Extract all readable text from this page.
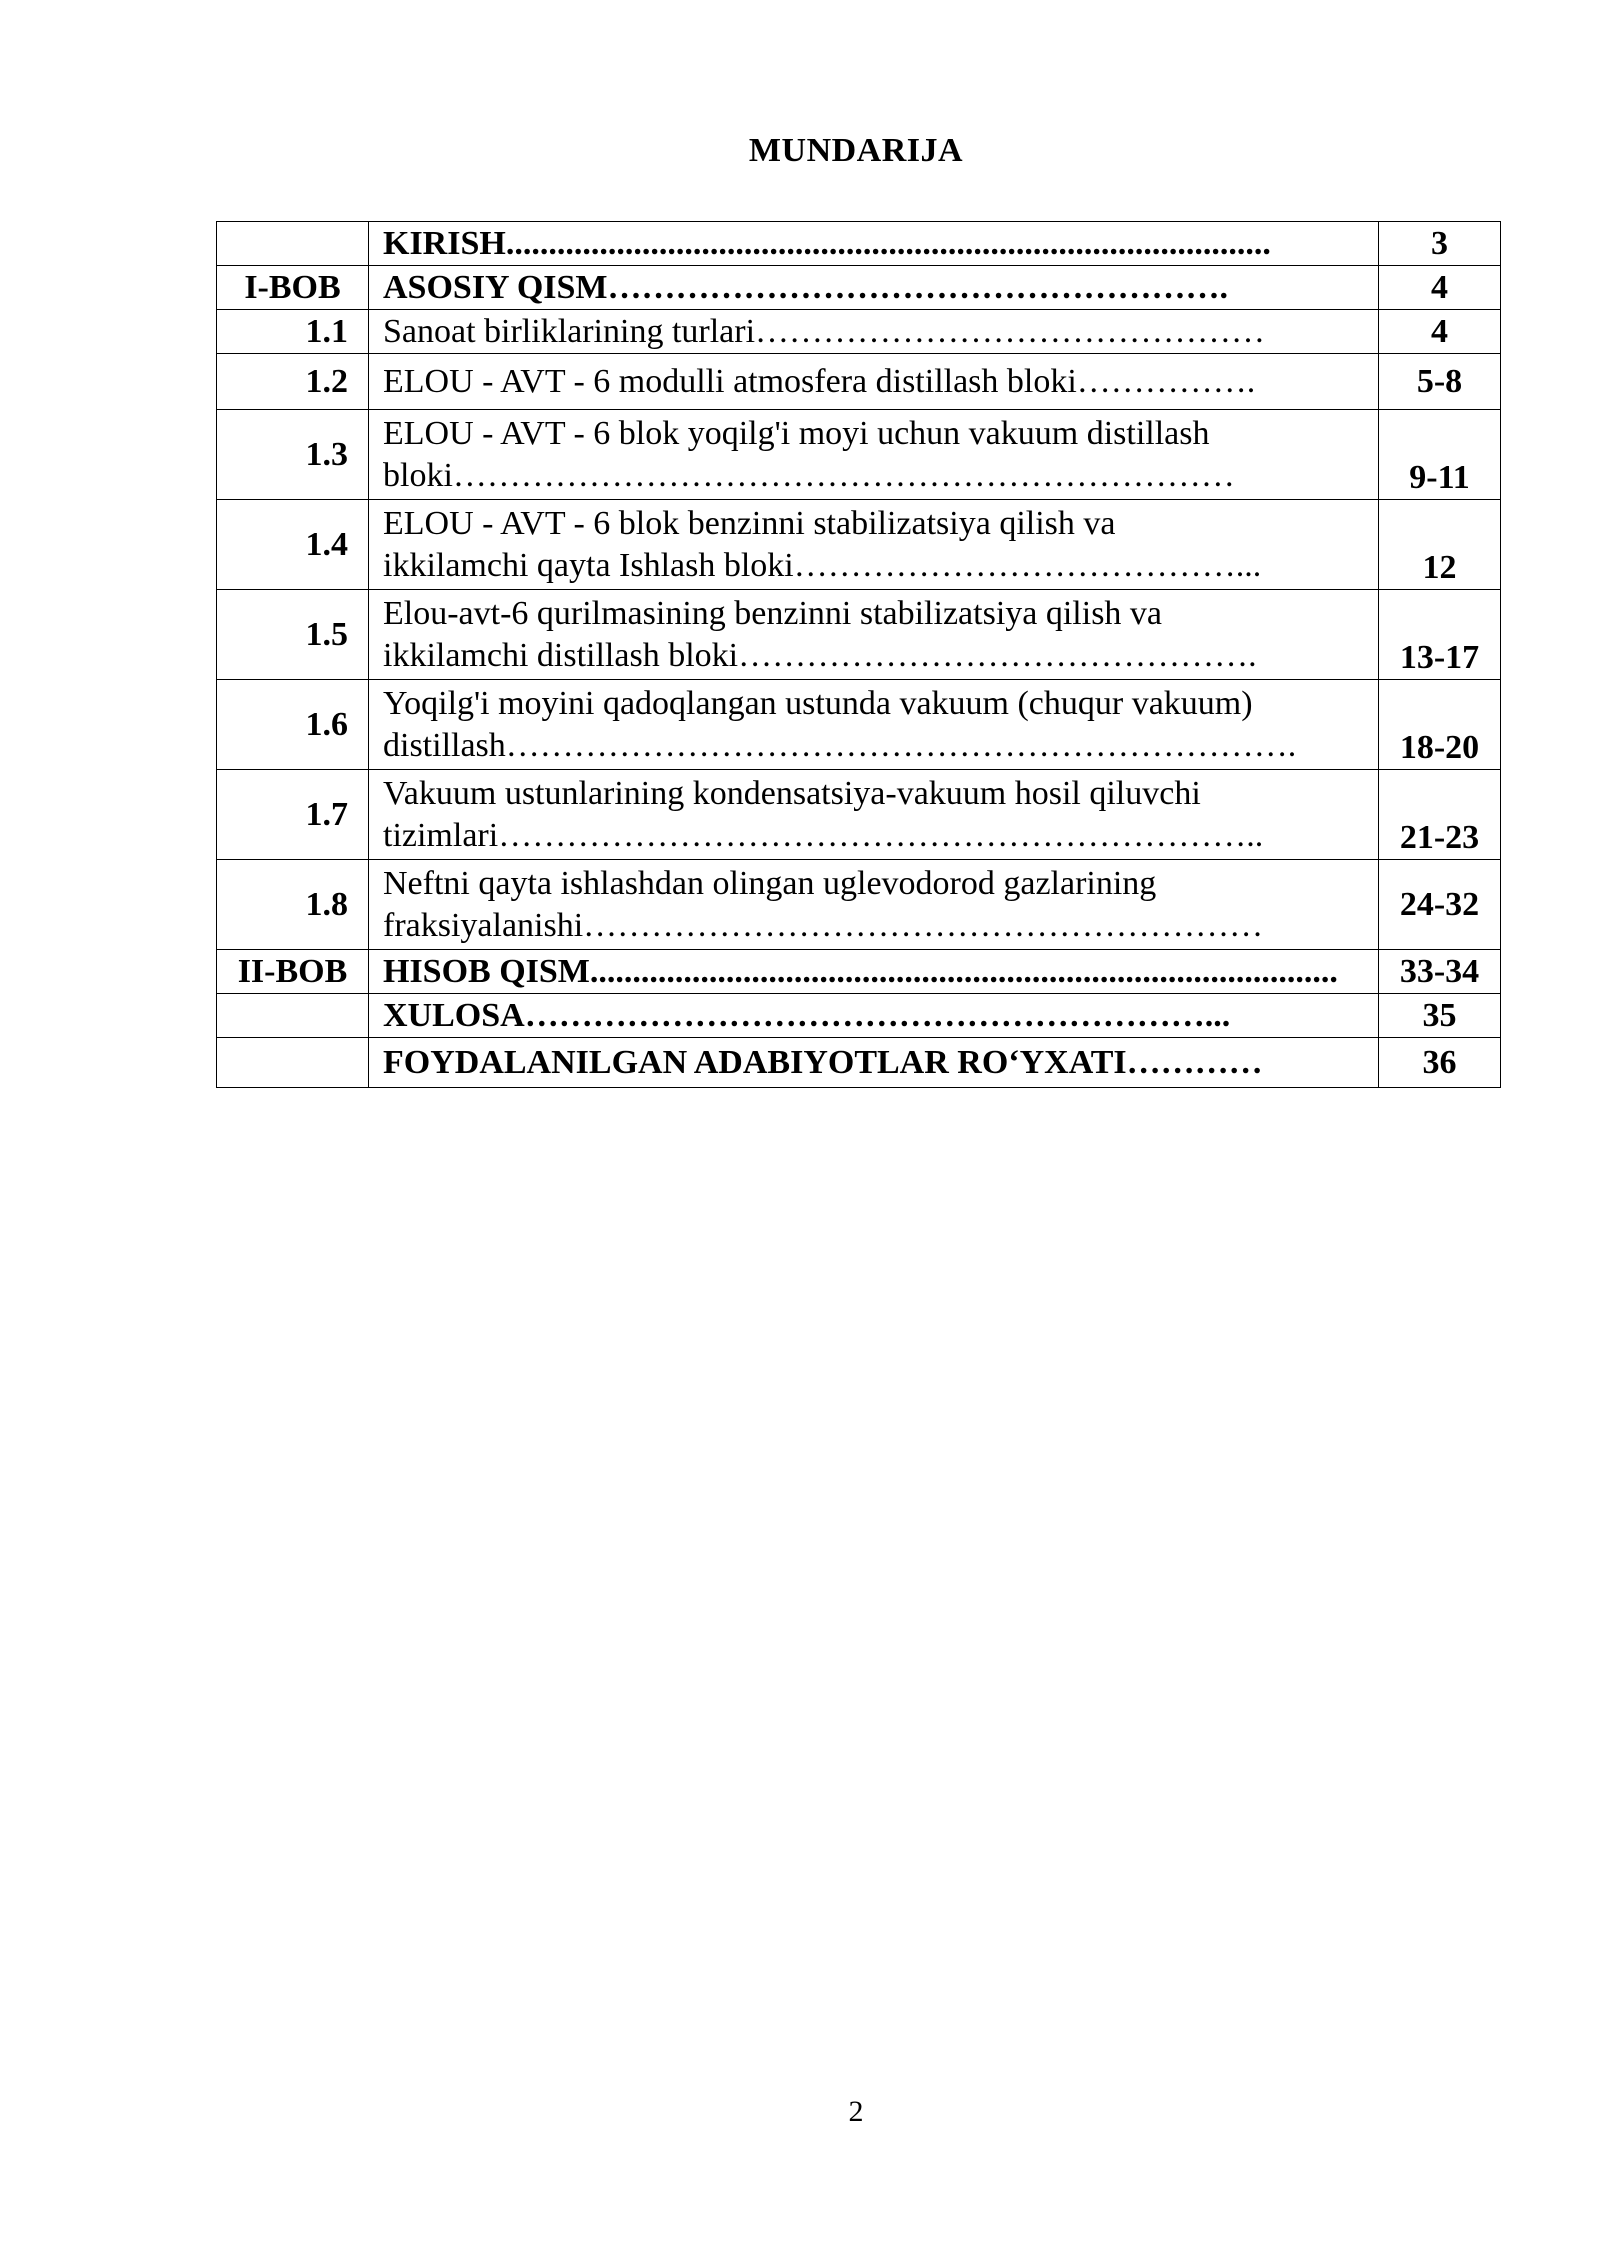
MUNDARIJA

	KIRISH..........................................................................................	3
I-BOB	ASOSIY QISM……………………………………………….	4
1.1	Sanoat birliklarining turlari………………………………………	4
1.2	ELOU - AVT - 6 modulli atmosfera distillash bloki…………….	5-8
1.3	ELOU - AVT - 6 blok yoqilg'i moyi uchun vakuum distillash
bloki……………………………………………………………	9-11
1.4	ELOU - AVT - 6 blok benzinni stabilizatsiya qilish va
ikkilamchi qayta Ishlash bloki…………………………………...	12
1.5	Elou-avt-6 qurilmasining benzinni stabilizatsiya qilish va
ikkilamchi distillash bloki……………………………………….	13-17
1.6	Yoqilg'i moyini qadoqlangan ustunda vakuum (chuqur vakuum)
distillash…………………………………………………………….	18-20
1.7	Vakuum ustunlarining kondensatsiya-vakuum hosil qiluvchi
tizimlari…………………………………………………………..	21-23
1.8	Neftni qayta ishlashdan olingan uglevodorod gazlarining
fraksiyalanishi……………………………………………………	24-32
II-BOB	HISOB QISM........................................................................................	33-34

	XULOSA……………………………………………………...	35

	FOYDALANILGAN ADABIYOTLAR RO‘YXATI…………	36
2
